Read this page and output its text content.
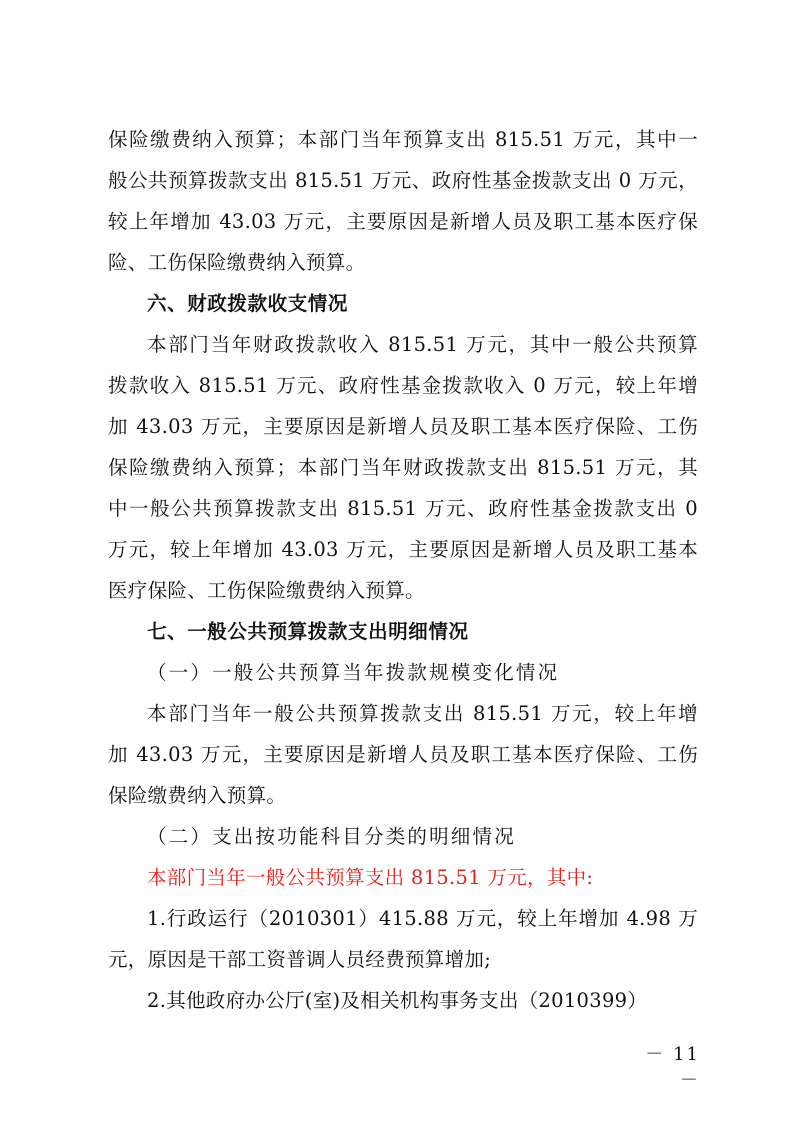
保险缴费纳入预算；本部门当年预算支出 815.51 万元，其中一
般公共预算拨款支出 815.51 万元、政府性基金拨款支出 0 万元，
较上年增加 43.03 万元，主要原因是新增人员及职工基本医疗保
险、工伤保险缴费纳入预算。
六、财政拨款收支情况
本部门当年财政拨款收入 815.51 万元，其中一般公共预算
拨款收入 815.51 万元、政府性基金拨款收入 0 万元，较上年增
加 43.03 万元，主要原因是新增人员及职工基本医疗保险、工伤
保险缴费纳入预算；本部门当年财政拨款支出 815.51 万元，其
中一般公共预算拨款支出 815.51 万元、政府性基金拨款支出 0
万元，较上年增加 43.03 万元，主要原因是新增人员及职工基本
医疗保险、工伤保险缴费纳入预算。
七、一般公共预算拨款支出明细情况
（一）一般公共预算当年拨款规模变化情况
本部门当年一般公共预算拨款支出 815.51 万元，较上年增
加 43.03 万元，主要原因是新增人员及职工基本医疗保险、工伤
保险缴费纳入预算。
（二）支出按功能科目分类的明细情况
本部门当年一般公共预算支出 815.51 万元，其中:
1.行政运行（2010301）415.88 万元，较上年增加 4.98 万
元，原因是干部工资普调人员经费预算增加;
2.其他政府办公厅(室)及相关机构事务支出（2010399）
－ 11 －
